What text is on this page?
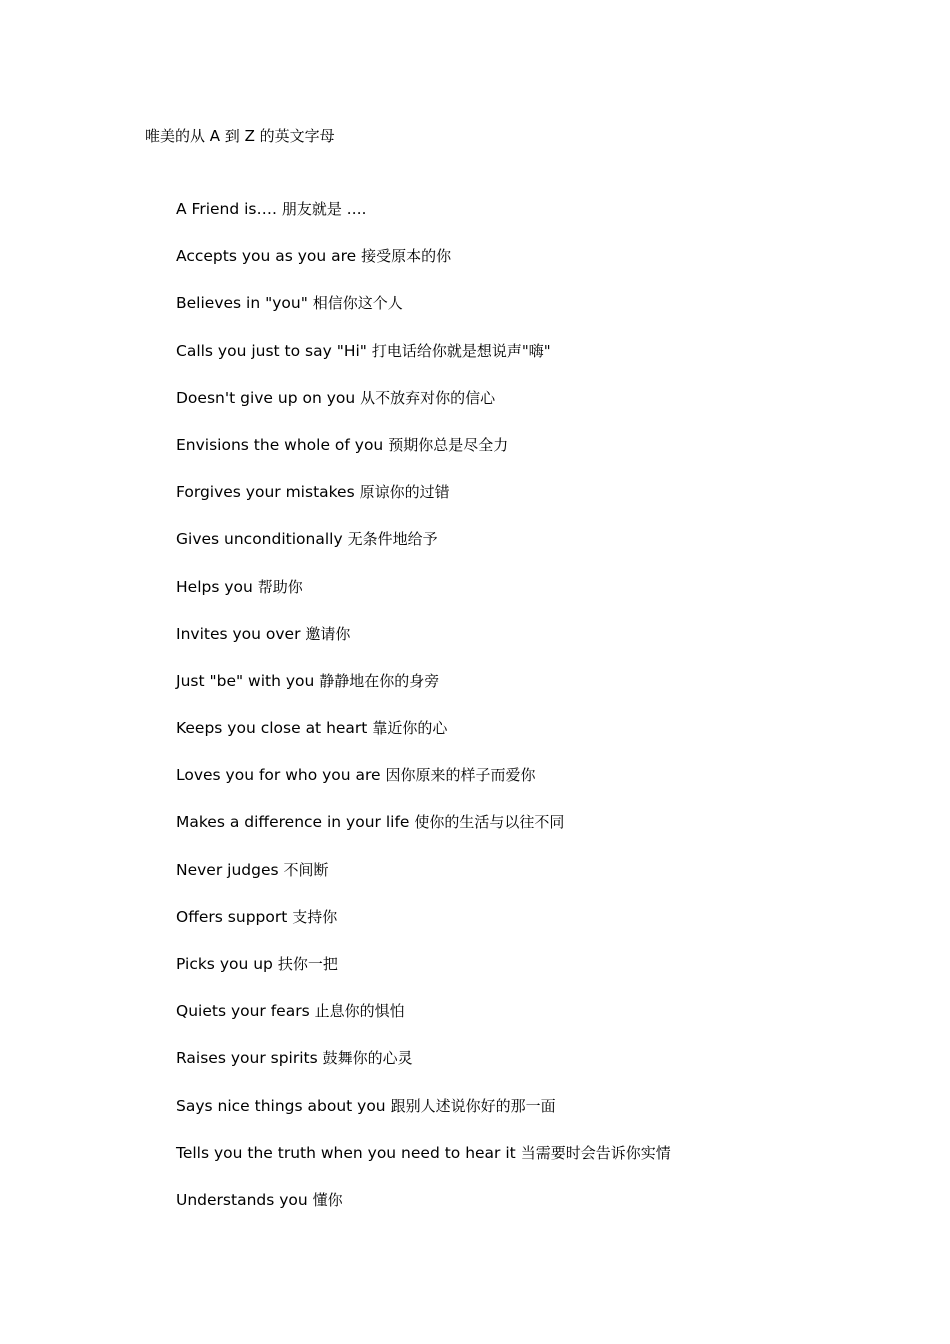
唯美的从 A 到 Z 的英文字母
A Friend is…. 朋友就是 ….
Accepts you as you are 接受原本的你
Believes in "you" 相信你这个人
Calls you just to say "Hi" 打电话给你就是想说声"嗨"
Doesn't give up on you 从不放弃对你的信心
Envisions the whole of you 预期你总是尽全力
Forgives your mistakes 原谅你的过错
Gives unconditionally 无条件地给予
Helps you 帮助你
Invites you over 邀请你
Just "be" with you 静静地在你的身旁
Keeps you close at heart 靠近你的心
Loves you for who you are 因你原来的样子而爱你
Makes a difference in your life 使你的生活与以往不同
Never judges 不间断
Offers support 支持你
Picks you up 扶你一把
Quiets your fears 止息你的惧怕
Raises your spirits 鼓舞你的心灵
Says nice things about you 跟别人述说你好的那一面
Tells you the truth when you need to hear it 当需要时会告诉你实情
Understands you 懂你
